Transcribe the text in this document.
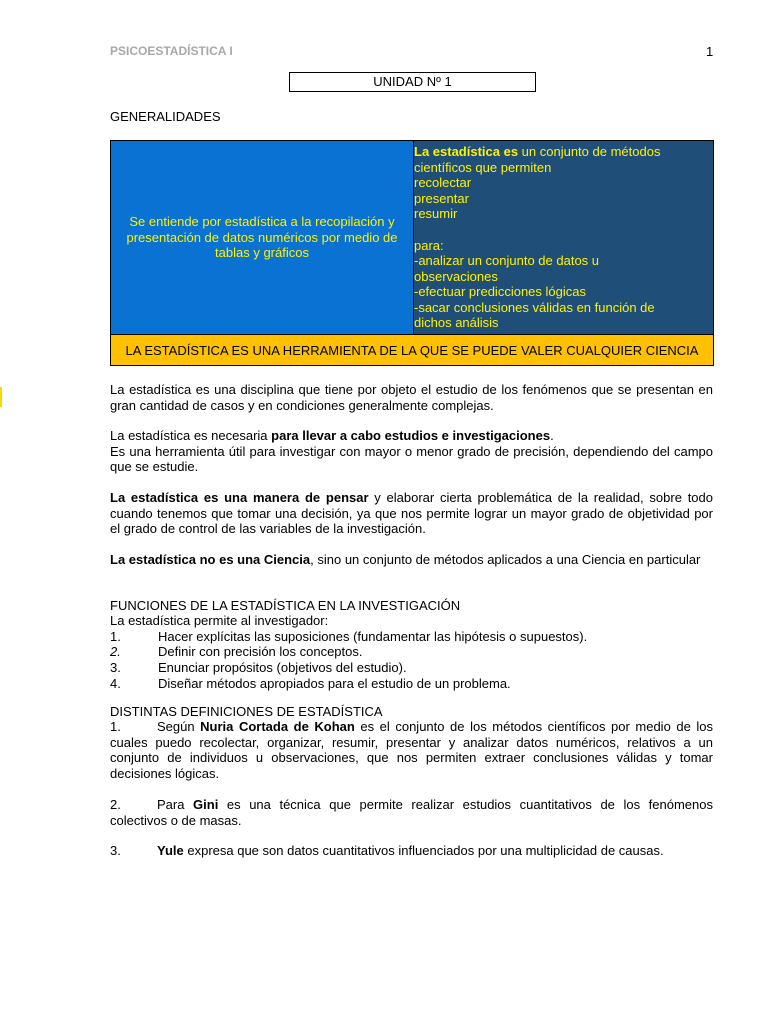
PSICOESTADÍSTICA I	1
UNIDAD Nº 1
GENERALIDADES
Se entiende por estadística a la recopilación y presentación de datos numéricos por medio de tablas y gráficos

La estadística es un conjunto de métodos
científicos que permiten
recolectar
presentar
resumir
para:
-analizar un conjunto de datos u
observaciones
-efectuar predicciones lógicas
-sacar conclusiones válidas en función de
dichos análisis

LA ESTADÍSTICA ES UNA HERRAMIENTA DE LA QUE SE PUEDE VALER CUALQUIER CIENCIA

La estadística es una disciplina que tiene por objeto el estudio de los fenómenos que se presentan en gran cantidad de casos y en condiciones generalmente complejas.

La estadística es necesaria para llevar a cabo estudios e investigaciones.
Es una herramienta útil para investigar con mayor o menor grado de precisión, dependiendo del campo que se estudie.

La estadística es una manera de pensar y elaborar cierta problemática de la realidad, sobre todo cuando tenemos que tomar una decisión, ya que nos permite lograr un mayor grado de objetividad por el grado de control de las variables de la investigación.

La estadística no es una Ciencia, sino un conjunto de métodos aplicados a una Ciencia en particular

FUNCIONES DE LA ESTADÍSTICA EN LA INVESTIGACIÓN
La estadística permite al investigador:
1.	Hacer explícitas las suposiciones (fundamentar las hipótesis o supuestos).
2.	Definir con precisión los conceptos.
3.	Enunciar propósitos (objetivos del estudio).
4.	Diseñar métodos apropiados para el estudio de un problema.
DISTINTAS DEFINICIONES DE ESTADÍSTICA

1.	Según Nuria Cortada de Kohan es el conjunto de los métodos científicos por medio de los cuales puedo recolectar, organizar, resumir, presentar y analizar datos numéricos, relativos a un conjunto de individuos u observaciones, que nos permiten extraer conclusiones válidas y tomar decisiones lógicas.

2.	Para Gini es una técnica que permite realizar estudios cuantitativos de los fenómenos colectivos o de masas.

3.	Yule expresa que son datos cuantitativos influenciados por una multiplicidad de causas.
